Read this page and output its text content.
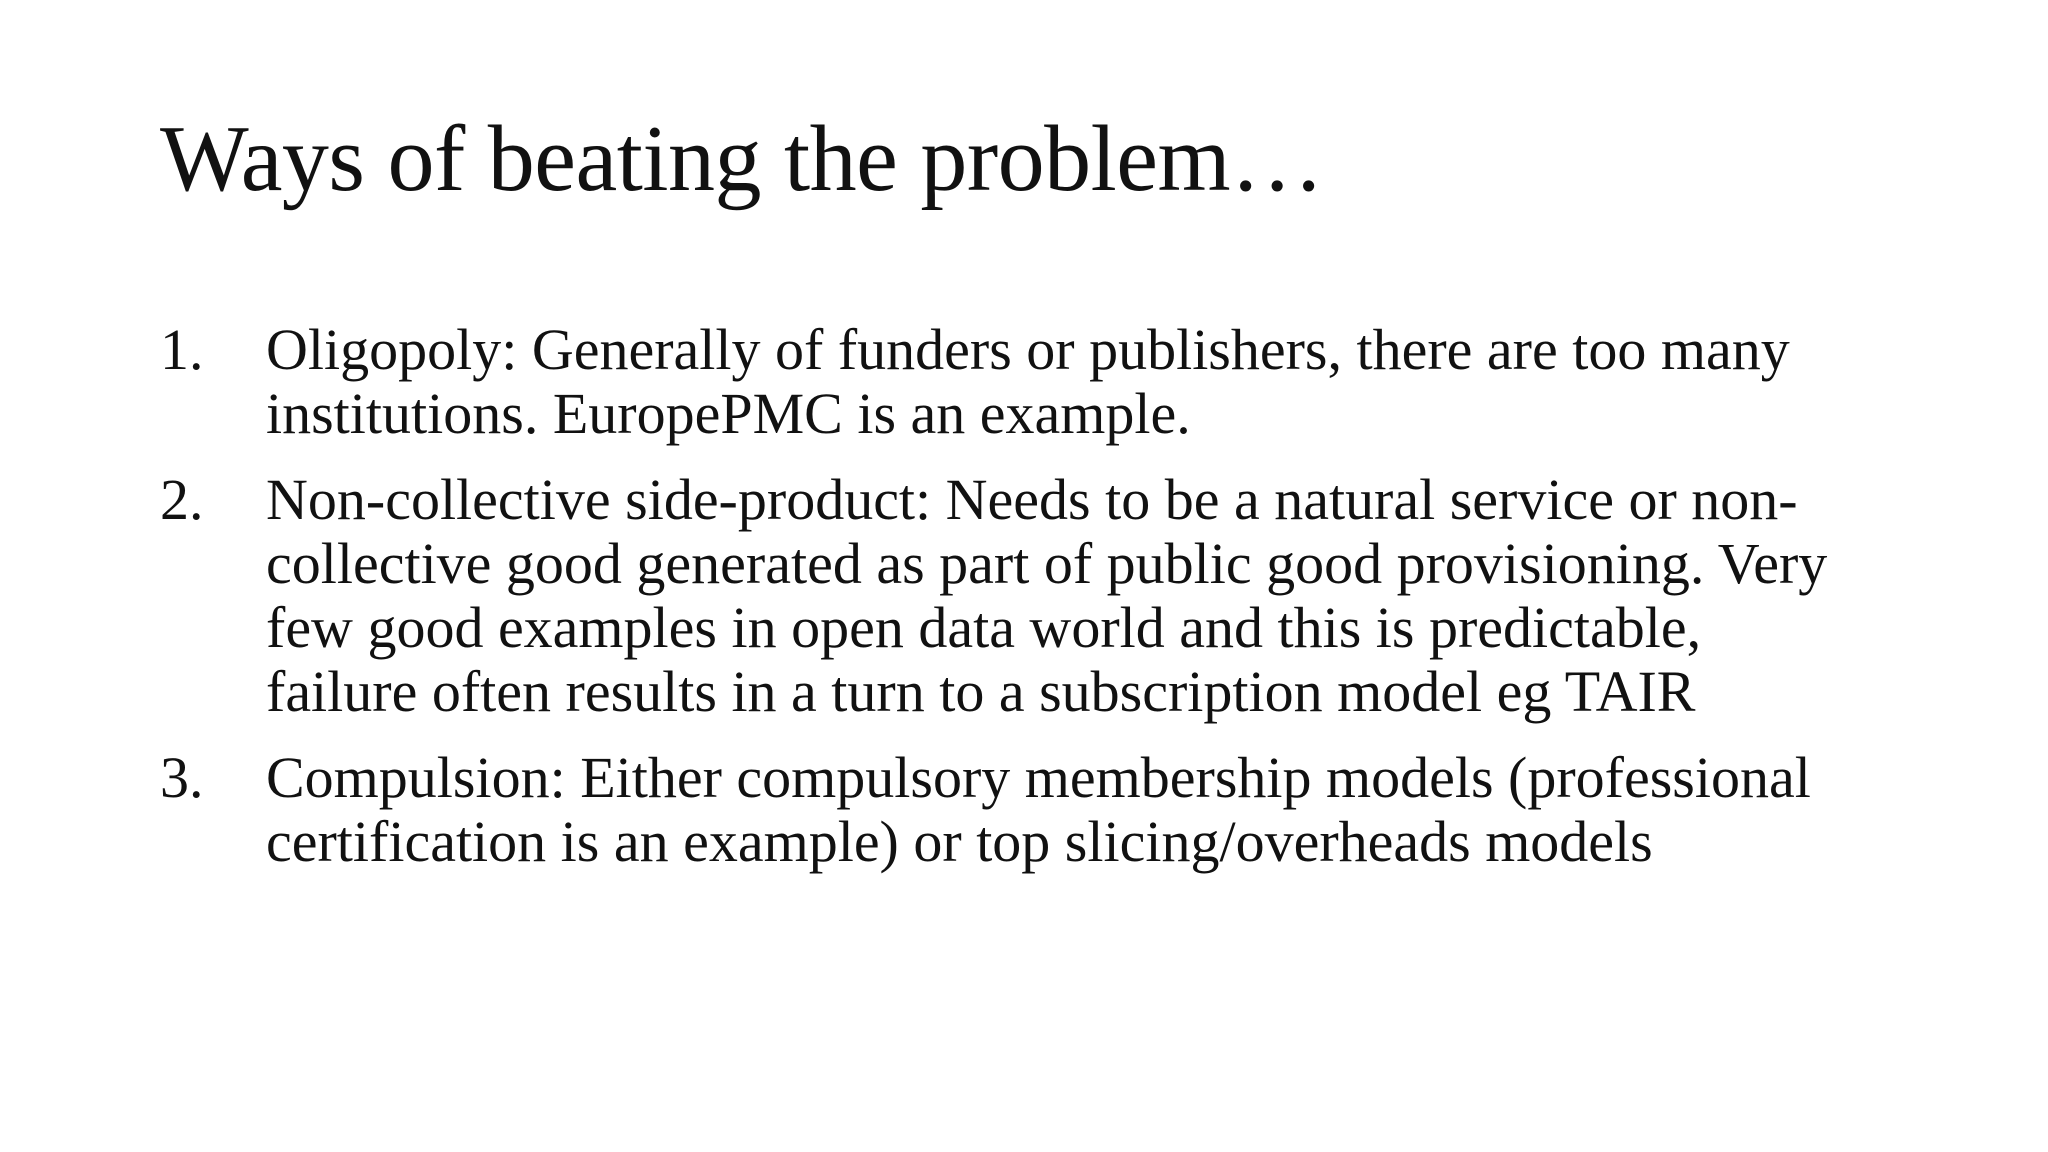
Ways of beating the problem…
1.	Oligopoly: Generally of funders or publishers, there are too many
institutions. EuropePMC is an example.
2.	Non-collective side-product: Needs to be a natural service or non-
collective good generated as part of public good provisioning. Very
few good examples in open data world and this is predictable,
failure often results in a turn to a subscription model eg TAIR
3.	Compulsion: Either compulsory membership models (professional
certification is an example) or top slicing/overheads models
